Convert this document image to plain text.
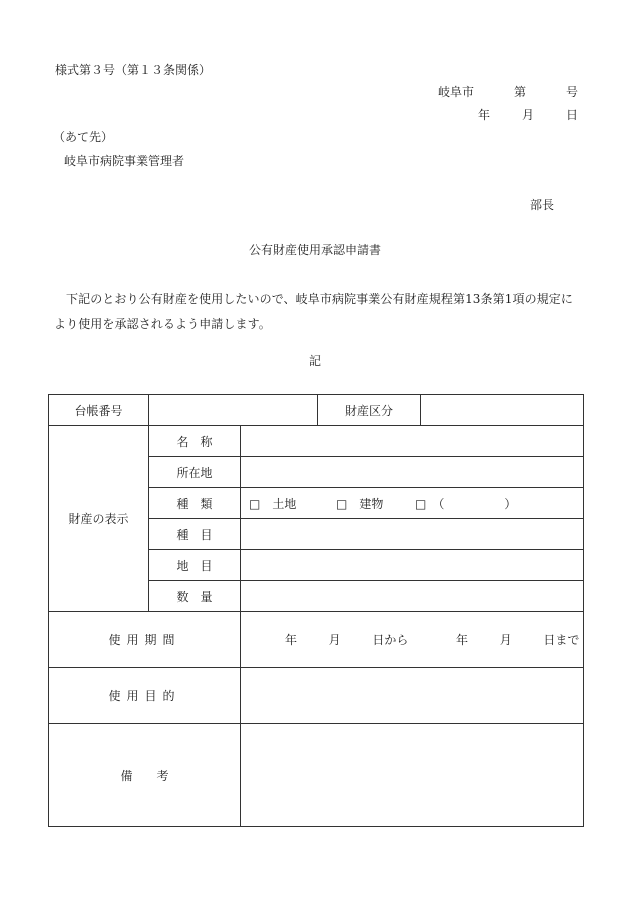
様式第３号（第１３条関係）
岐阜市	第	号
年	月	日
（あて先）
岐阜市病院事業管理者
部長
公有財産使用承認申請書
下記のとおり公有財産を使用したいので、岐阜市病院事業公有財産規程第13条第1項の規定により使用を承認されるよう申請します。
記
台帳番号			財産区分	
財産の表示	名　称			
	所在地			
	種　類	□　土地 □　建物 □　（　　　　　）		
	種　目			
	地　目			
	数　量			
使用期間		年 月 日から 年 月 日まで		
使用目的				
備　　考				
